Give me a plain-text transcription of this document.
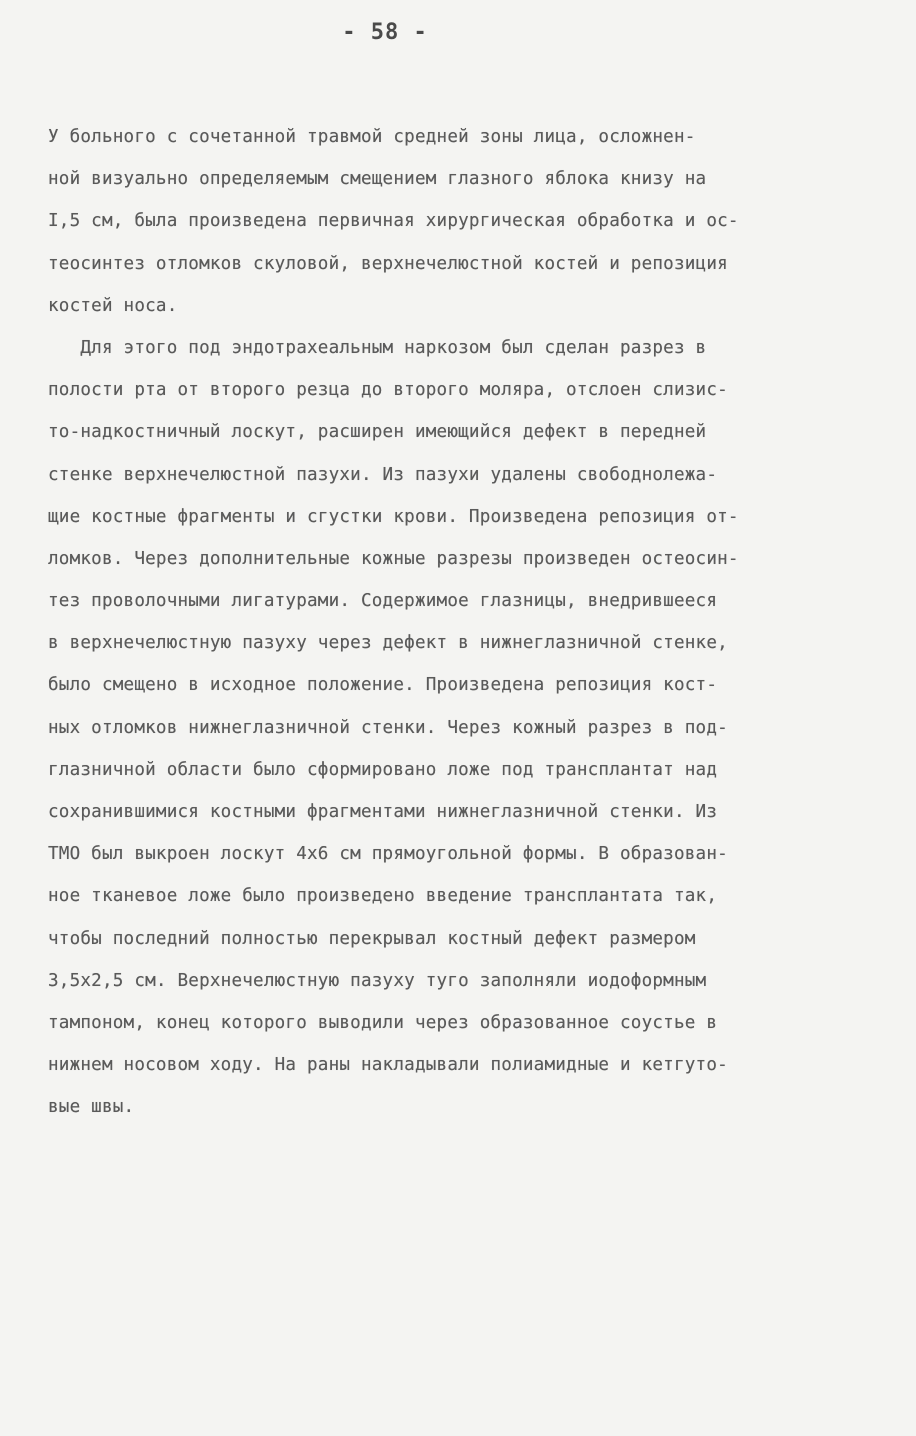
- 58 -
У больного с сочетанной травмой средней зоны лица, осложнен-
ной визуально определяемым смещением глазного яблока книзу на
I,5 см, была произведена первичная хирургическая обработка и ос-
теосинтез отломков скуловой, верхнечелюстной костей и репозиция
костей носа.
Для этого под эндотрахеальным наркозом был сделан разрез в
полости рта от второго резца до второго моляра, отслоен слизис-
то-надкостничный лоскут, расширен имеющийся дефект в передней
стенке верхнечелюстной пазухи. Из пазухи удалены свободнолежа-
щие костные фрагменты и сгустки крови. Произведена репозиция от-
ломков. Через дополнительные кожные разрезы произведен остеосин-
тез проволочными лигатурами. Содержимое глазницы, внедрившееся
в верхнечелюстную пазуху через дефект в нижнеглазничной стенке,
было смещено в исходное положение. Произведена репозиция кост-
ных отломков нижнеглазничной стенки. Через кожный разрез в под-
глазничной области было сформировано ложе под трансплантат над
сохранившимися костными фрагментами нижнеглазничной стенки. Из
ТМО был выкроен лоскут 4х6 см прямоугольной формы. В образован-
ное тканевое ложе было произведено введение трансплантата так,
чтобы последний полностью перекрывал костный дефект размером
3,5х2,5 см. Верхнечелюстную пазуху туго заполняли иодоформным
тампоном, конец которого выводили через образованное соустье в
нижнем носовом ходу. На раны накладывали полиамидные и кетгуто-
вые швы.
